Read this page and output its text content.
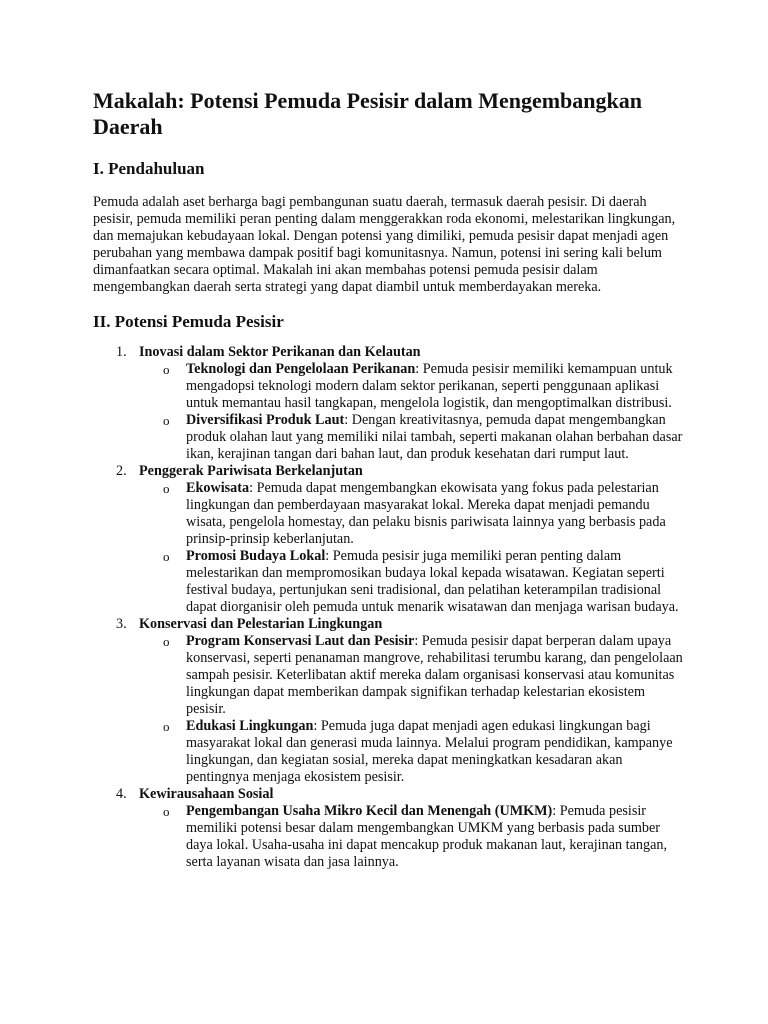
Makalah: Potensi Pemuda Pesisir dalam Mengembangkan Daerah
I. Pendahuluan

Pemuda adalah aset berharga bagi pembangunan suatu daerah, termasuk daerah pesisir. Di daerah pesisir, pemuda memiliki peran penting dalam menggerakkan roda ekonomi, melestarikan lingkungan, dan memajukan kebudayaan lokal. Dengan potensi yang dimiliki, pemuda pesisir dapat menjadi agen perubahan yang membawa dampak positif bagi komunitasnya. Namun, potensi ini sering kali belum dimanfaatkan secara optimal. Makalah ini akan membahas potensi pemuda pesisir dalam mengembangkan daerah serta strategi yang dapat diambil untuk memberdayakan mereka.

II. Potensi Pemuda Pesisir
1. Inovasi dalam Sektor Perikanan dan Kelautan
o Teknologi dan Pengelolaan Perikanan: Pemuda pesisir memiliki kemampuan untuk mengadopsi teknologi modern dalam sektor perikanan, seperti penggunaan aplikasi untuk memantau hasil tangkapan, mengelola logistik, dan mengoptimalkan distribusi.
o Diversifikasi Produk Laut: Dengan kreativitasnya, pemuda dapat mengembangkan produk olahan laut yang memiliki nilai tambah, seperti makanan olahan berbahan dasar ikan, kerajinan tangan dari bahan laut, dan produk kesehatan dari rumput laut.
2. Penggerak Pariwisata Berkelanjutan
o Ekowisata: Pemuda dapat mengembangkan ekowisata yang fokus pada pelestarian lingkungan dan pemberdayaan masyarakat lokal. Mereka dapat menjadi pemandu wisata, pengelola homestay, dan pelaku bisnis pariwisata lainnya yang berbasis pada prinsip-prinsip keberlanjutan.
o Promosi Budaya Lokal: Pemuda pesisir juga memiliki peran penting dalam melestarikan dan mempromosikan budaya lokal kepada wisatawan. Kegiatan seperti festival budaya, pertunjukan seni tradisional, dan pelatihan keterampilan tradisional dapat diorganisir oleh pemuda untuk menarik wisatawan dan menjaga warisan budaya.
3. Konservasi dan Pelestarian Lingkungan
o Program Konservasi Laut dan Pesisir: Pemuda pesisir dapat berperan dalam upaya konservasi, seperti penanaman mangrove, rehabilitasi terumbu karang, dan pengelolaan sampah pesisir. Keterlibatan aktif mereka dalam organisasi konservasi atau komunitas lingkungan dapat memberikan dampak signifikan terhadap kelestarian ekosistem pesisir.
o Edukasi Lingkungan: Pemuda juga dapat menjadi agen edukasi lingkungan bagi masyarakat lokal dan generasi muda lainnya. Melalui program pendidikan, kampanye lingkungan, dan kegiatan sosial, mereka dapat meningkatkan kesadaran akan pentingnya menjaga ekosistem pesisir.
4. Kewirausahaan Sosial
o Pengembangan Usaha Mikro Kecil dan Menengah (UMKM): Pemuda pesisir memiliki potensi besar dalam mengembangkan UMKM yang berbasis pada sumber daya lokal. Usaha-usaha ini dapat mencakup produk makanan laut, kerajinan tangan, serta layanan wisata dan jasa lainnya.
